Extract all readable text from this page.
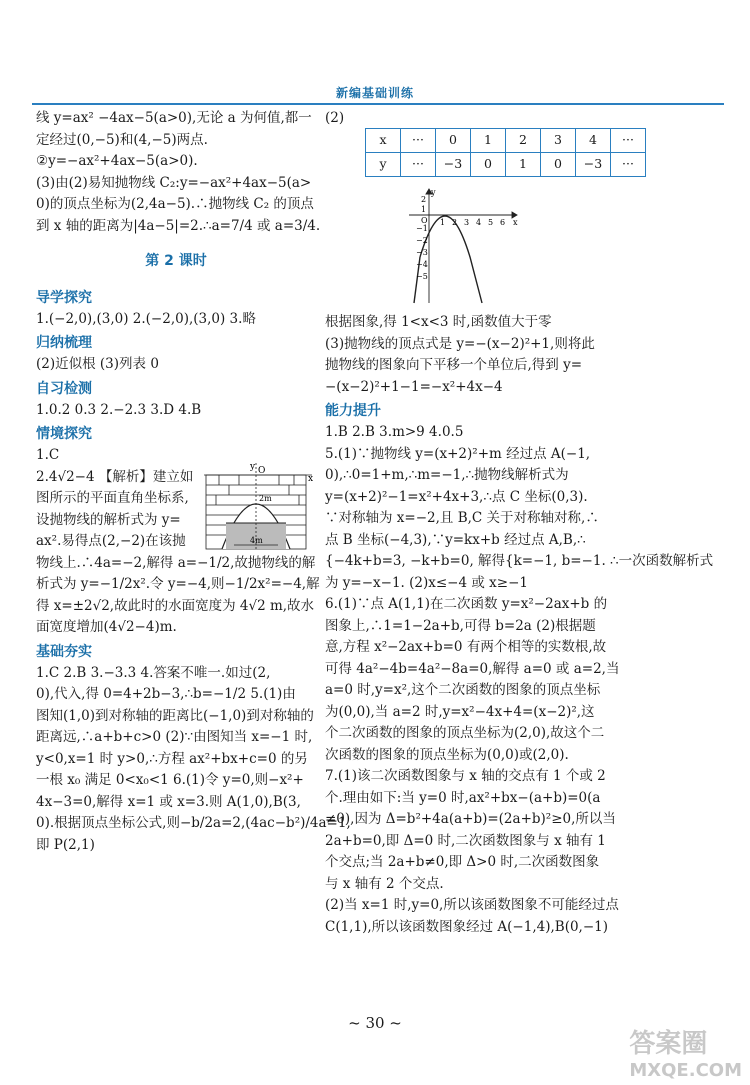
新编基础训练

线 y=ax² −4ax−5(a>0),无论 a 为何值,都一

定经过(0,−5)和(4,−5)两点.

②y=−ax²+4ax−5(a>0).

(3)由(2)易知抛物线 C₂:y=−ax²+4ax−5(a>

0)的顶点坐标为(2,4a−5).∴抛物线 C₂ 的顶点

到 x 轴的距离为|4a−5|=2.∴a=7/4 或 a=3/4.

第 2 课时
导学探究

1.(−2,0),(3,0) 2.(−2,0),(3,0) 3.略

归纳梳理

(2)近似根 (3)列表 0

自习检测

1.0.2 0.3 2.−2.3 3.D 4.B

情境探究

1.C

y O
x
2m
4m

2.4√2−4 【解析】建立如

图所示的平面直角坐标系,

设抛物线的解析式为 y=

ax².易得点(2,−2)在该抛

物线上.∴4a=−2,解得 a=−1/2,故抛物线的解

析式为 y=−1/2x².令 y=−4,则−1/2x²=−4,解

得 x=±2√2,故此时的水面宽度为 4√2 m,故水

面宽度增加(4√2−4)m.

基础夯实

1.C 2.B 3.−3.3 4.答案不唯一.如过(2,

0),代入,得 0=4+2b−3,∴b=−1/2 5.(1)由

图知(1,0)到对称轴的距离比(−1,0)到对称轴的

距离远,∴a+b+c>0 (2)∵由图知当 x=−1 时,

y<0,x=1 时 y>0,∴方程 ax²+bx+c=0 的另

一根 x₀ 满足 0<x₀<1 6.(1)令 y=0,则−x²+

4x−3=0,解得 x=1 或 x=3.则 A(1,0),B(3,

0).根据顶点坐标公式,则−b/2a=2,(4ac−b²)/4a=1,

即 P(2,1)

(2)

x	···	0	1	2	3	4	···
y	···	−3	0	1	0	−3	···
y
x
O 1 2 3 4 5 6
2
1
−1
−2
−3
−4
−5

根据图象,得 1<x<3 时,函数值大于零

(3)抛物线的顶点式是 y=−(x−2)²+1,则将此

抛物线的图象向下平移一个单位后,得到 y=

−(x−2)²+1−1=−x²+4x−4

能力提升

1.B 2.B 3.m>9 4.0.5

5.(1)∵抛物线 y=(x+2)²+m 经过点 A(−1,

0),∴0=1+m,∴m=−1,∴抛物线解析式为

y=(x+2)²−1=x²+4x+3,∴点 C 坐标(0,3).

∵对称轴为 x=−2,且 B,C 关于对称轴对称,∴

点 B 坐标(−4,3),∵y=kx+b 经过点 A,B,∴

{−4k+b=3, −k+b=0, 解得{k=−1, b=−1. ∴一次函数解析式

为 y=−x−1. (2)x≤−4 或 x≥−1

6.(1)∵点 A(1,1)在二次函数 y=x²−2ax+b 的

图象上,∴1=1−2a+b,可得 b=2a (2)根据题

意,方程 x²−2ax+b=0 有两个相等的实数根,故

可得 4a²−4b=4a²−8a=0,解得 a=0 或 a=2,当

a=0 时,y=x²,这个二次函数的图象的顶点坐标

为(0,0),当 a=2 时,y=x²−4x+4=(x−2)²,这

个二次函数的图象的顶点坐标为(2,0),故这个二

次函数的图象的顶点坐标为(0,0)或(2,0).

7.(1)该二次函数图象与 x 轴的交点有 1 个或 2

个.理由如下:当 y=0 时,ax²+bx−(a+b)=0(a

≠0),因为 Δ=b²+4a(a+b)=(2a+b)²≥0,所以当

2a+b=0,即 Δ=0 时,二次函数图象与 x 轴有 1

个交点;当 2a+b≠0,即 Δ>0 时,二次函数图象

与 x 轴有 2 个交点.

(2)当 x=1 时,y=0,所以该函数图象不可能经过点

C(1,1),所以该函数图象经过 A(−1,4),B(0,−1)

~ 30 ~
答案圈
MXQE.COM
